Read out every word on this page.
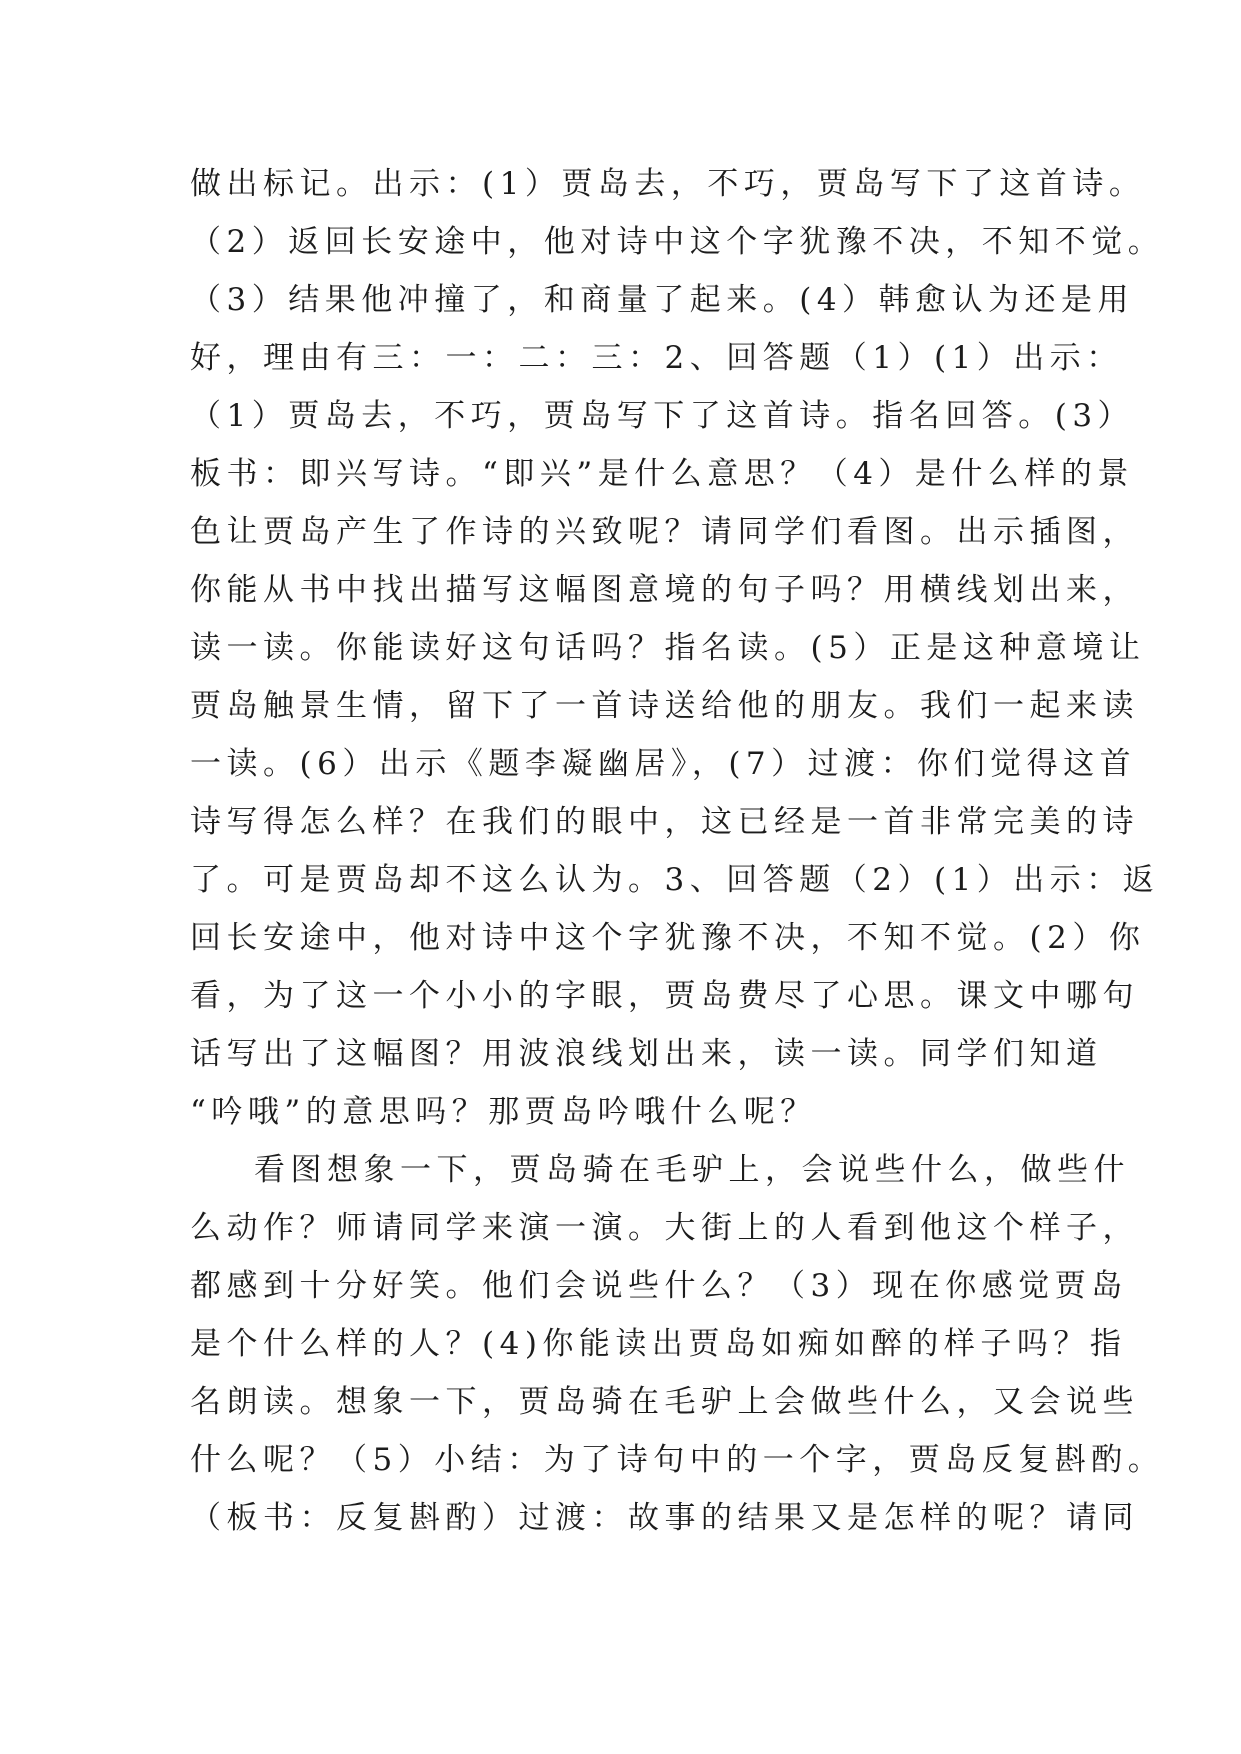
做出标记。出示：(1）贾岛去，不巧，贾岛写下了这首诗。
（2）返回长安途中，他对诗中这个字犹豫不决，不知不觉。
（3）结果他冲撞了，和商量了起来。(4）韩愈认为还是用
好，理由有三：一：二：三：2、回答题（1）(1）出示：
（1）贾岛去，不巧，贾岛写下了这首诗。指名回答。(3）
板书：即兴写诗。“即兴”是什么意思？（4）是什么样的景
色让贾岛产生了作诗的兴致呢？请同学们看图。出示插图，
你能从书中找出描写这幅图意境的句子吗？用横线划出来，
读一读。你能读好这句话吗？指名读。(5）正是这种意境让
贾岛触景生情，留下了一首诗送给他的朋友。我们一起来读
一读。(6）出示《题李凝幽居》，(7）过渡：你们觉得这首
诗写得怎么样？在我们的眼中，这已经是一首非常完美的诗
了。可是贾岛却不这么认为。3、回答题（2）(1）出示：返
回长安途中，他对诗中这个字犹豫不决，不知不觉。(2）你
看，为了这一个小小的字眼，贾岛费尽了心思。课文中哪句
话写出了这幅图？用波浪线划出来，读一读。同学们知道
“吟哦”的意思吗？那贾岛吟哦什么呢？
看图想象一下，贾岛骑在毛驴上，会说些什么，做些什
么动作？师请同学来演一演。大街上的人看到他这个样子，
都感到十分好笑。他们会说些什么？（3）现在你感觉贾岛
是个什么样的人？(4)你能读出贾岛如痴如醉的样子吗？指
名朗读。想象一下，贾岛骑在毛驴上会做些什么，又会说些
什么呢？（5）小结：为了诗句中的一个字，贾岛反复斟酌。
（板书：反复斟酌）过渡：故事的结果又是怎样的呢？请同
